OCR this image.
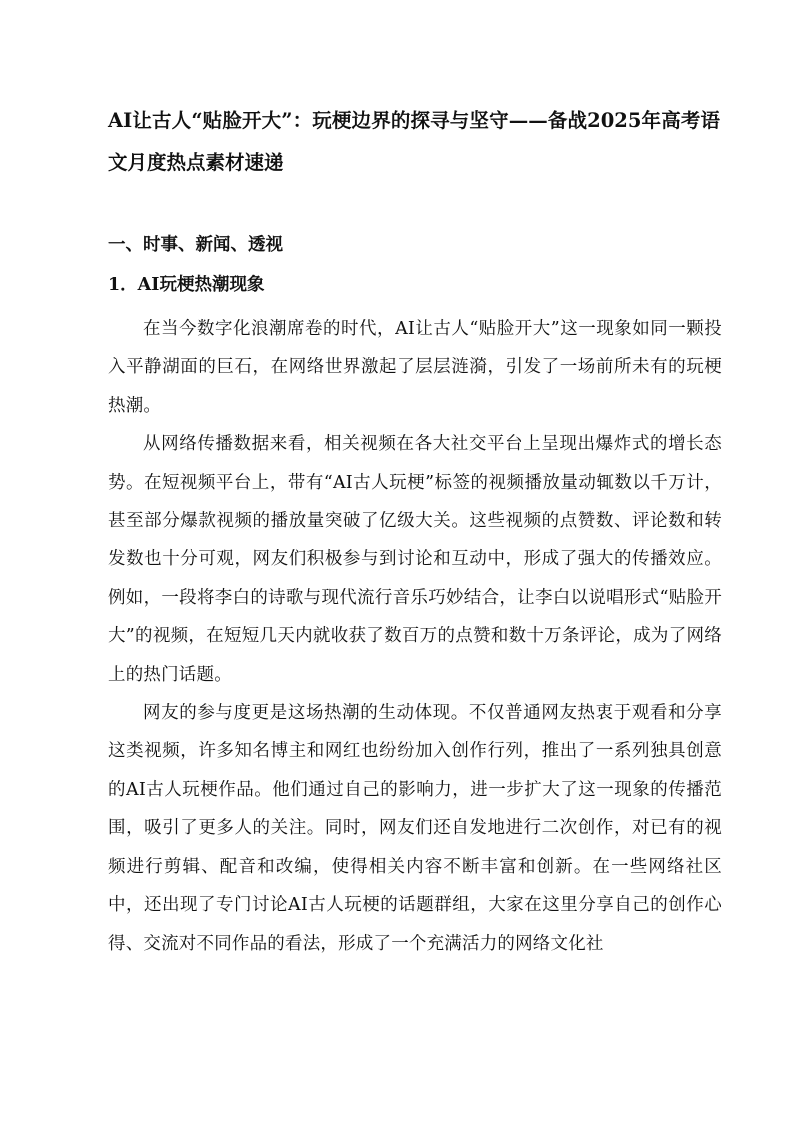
AI让古人“贴脸开大”：玩梗边界的探寻与坚守——备战2025年高考语文月度热点素材速递
一、时事、新闻、透视
1．AI玩梗热潮现象

在当今数字化浪潮席卷的时代，AI让古人“贴脸开大”这一现象如同一颗投入平静湖面的巨石，在网络世界激起了层层涟漪，引发了一场前所未有的玩梗热潮。

从网络传播数据来看，相关视频在各大社交平台上呈现出爆炸式的增长态势。在短视频平台上，带有“AI古人玩梗”标签的视频播放量动辄数以千万计，甚至部分爆款视频的播放量突破了亿级大关。这些视频的点赞数、评论数和转发数也十分可观，网友们积极参与到讨论和互动中，形成了强大的传播效应。例如，一段将李白的诗歌与现代流行音乐巧妙结合，让李白以说唱形式“贴脸开大”的视频，在短短几天内就收获了数百万的点赞和数十万条评论，成为了网络上的热门话题。

网友的参与度更是这场热潮的生动体现。不仅普通网友热衷于观看和分享这类视频，许多知名博主和网红也纷纷加入创作行列，推出了一系列独具创意的AI古人玩梗作品。他们通过自己的影响力，进一步扩大了这一现象的传播范围，吸引了更多人的关注。同时，网友们还自发地进行二次创作，对已有的视频进行剪辑、配音和改编，使得相关内容不断丰富和创新。在一些网络社区中，还出现了专门讨论AI古人玩梗的话题群组，大家在这里分享自己的创作心得、交流对不同作品的看法，形成了一个充满活力的网络文化社
